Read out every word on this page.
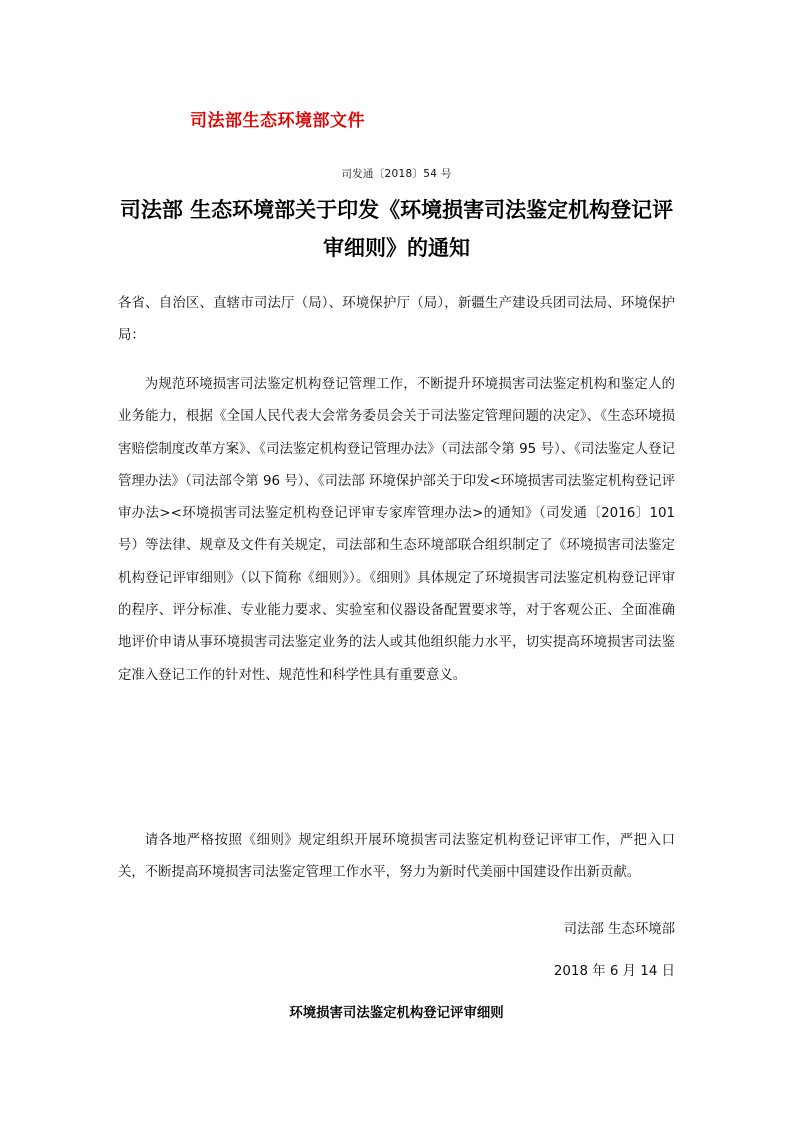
司法部生态环境部文件
司发通〔2018〕54 号
司法部 生态环境部关于印发《环境损害司法鉴定机构登记评审细则》的通知
各省、自治区、直辖市司法厅（局）、环境保护厅（局），新疆生产建设兵团司法局、环境保护局：
为规范环境损害司法鉴定机构登记管理工作，不断提升环境损害司法鉴定机构和鉴定人的业务能力，根据《全国人民代表大会常务委员会关于司法鉴定管理问题的决定》、《生态环境损害赔偿制度改革方案》、《司法鉴定机构登记管理办法》（司法部令第 95 号）、《司法鉴定人登记管理办法》（司法部令第 96 号）、《司法部 环境保护部关于印发<环境损害司法鉴定机构登记评审办法><环境损害司法鉴定机构登记评审专家库管理办法>的通知》（司发通〔2016〕101 号）等法律、规章及文件有关规定，司法部和生态环境部联合组织制定了《环境损害司法鉴定机构登记评审细则》（以下简称《细则》）。《细则》具体规定了环境损害司法鉴定机构登记评审的程序、评分标准、专业能力要求、实验室和仪器设备配置要求等，对于客观公正、全面准确地评价申请从事环境损害司法鉴定业务的法人或其他组织能力水平，切实提高环境损害司法鉴定准入登记工作的针对性、规范性和科学性具有重要意义。
请各地严格按照《细则》规定组织开展环境损害司法鉴定机构登记评审工作，严把入口关，不断提高环境损害司法鉴定管理工作水平，努力为新时代美丽中国建设作出新贡献。
司法部 生态环境部
2018 年 6 月 14 日
环境损害司法鉴定机构登记评审细则
